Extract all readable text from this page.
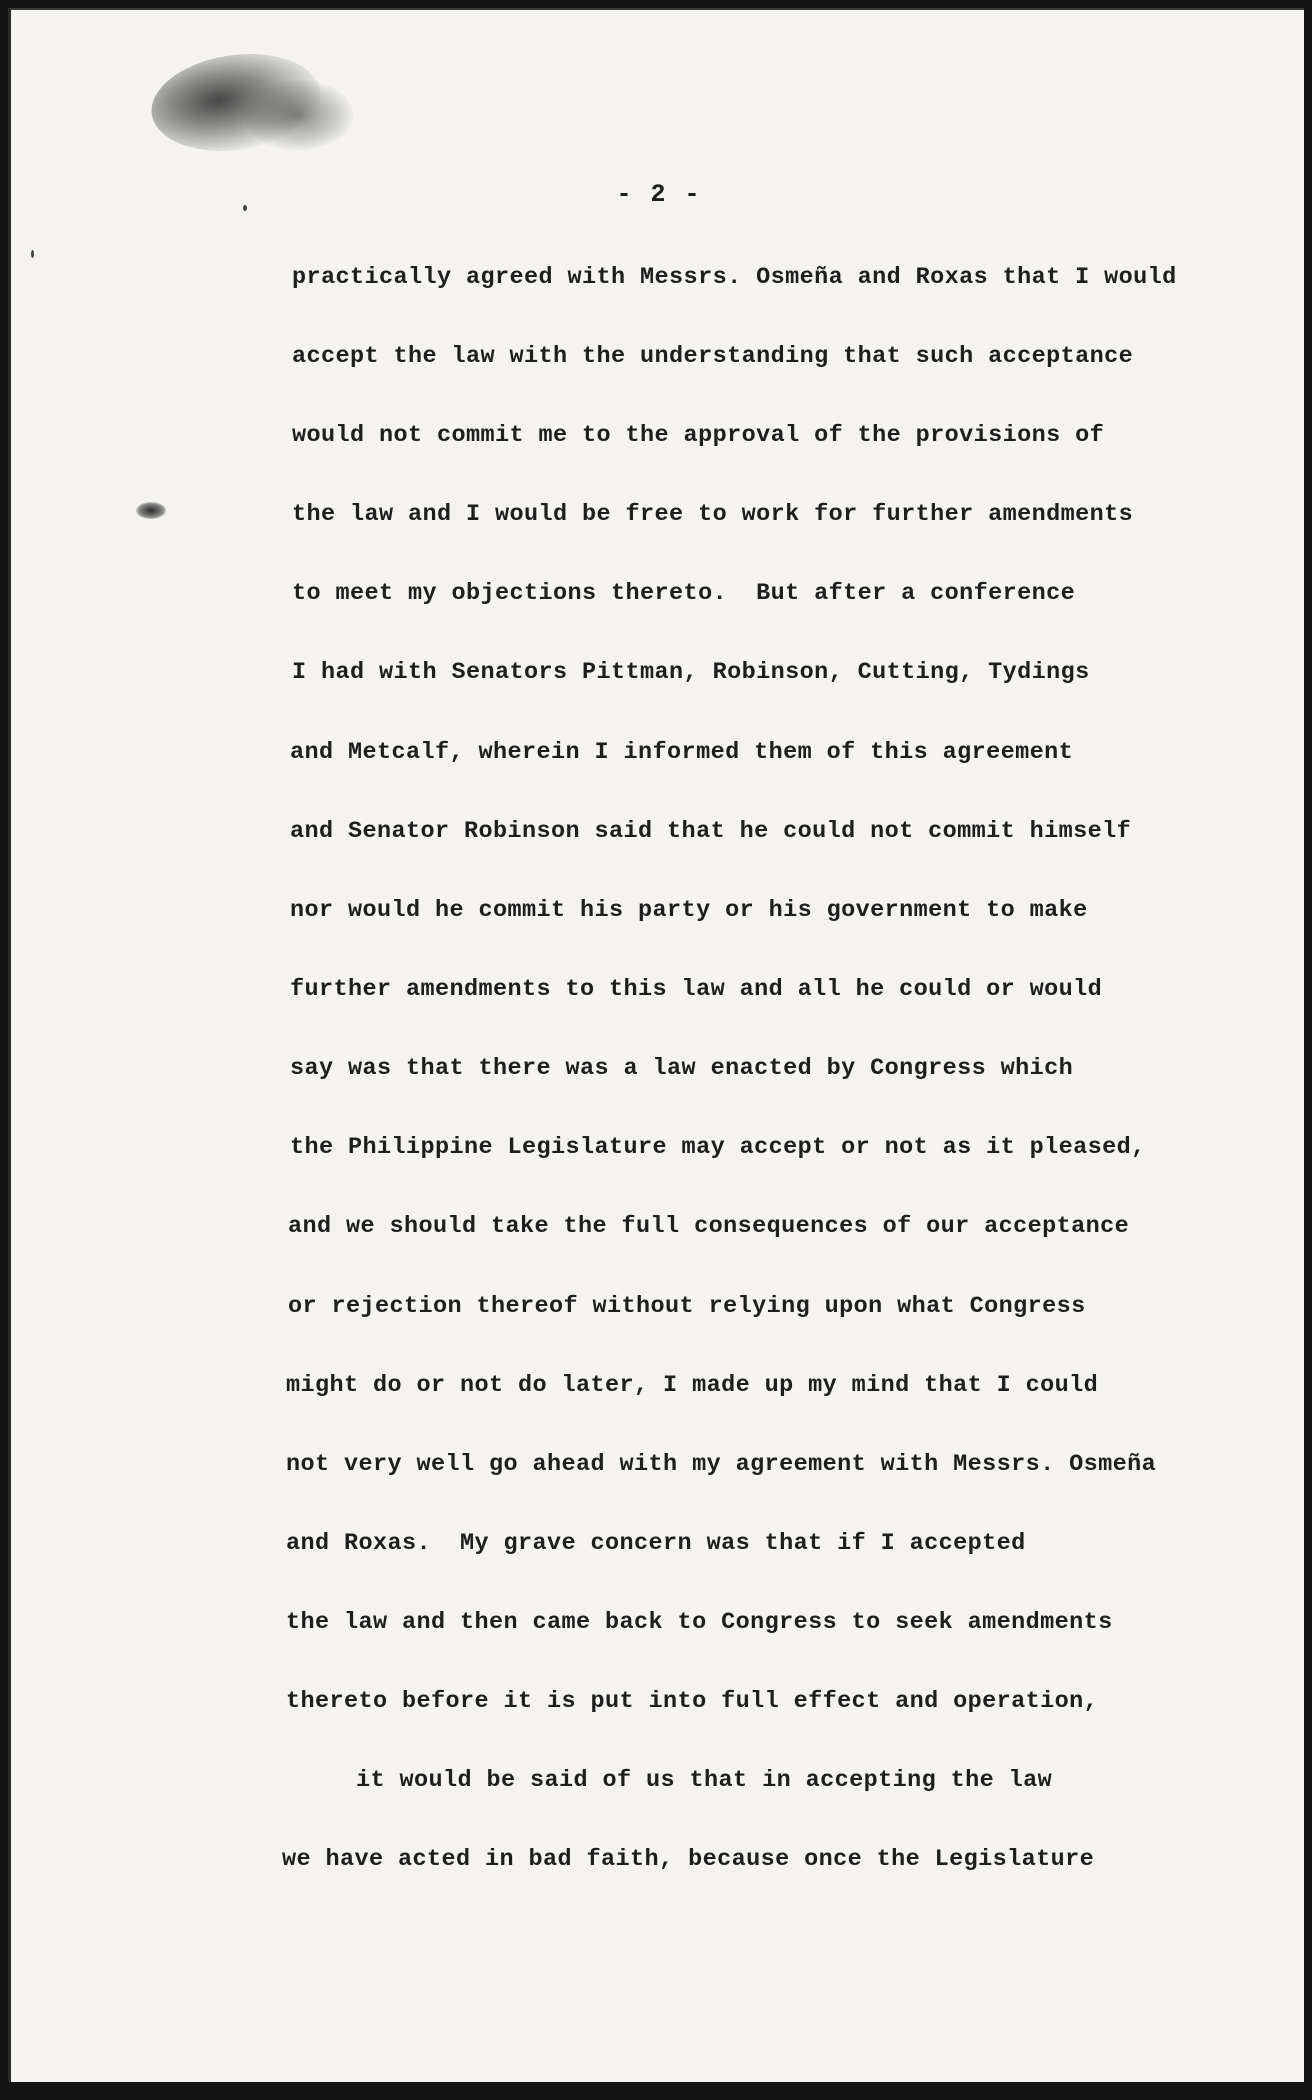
- 2 -
practically agreed with Messrs. Osmeña and Roxas that I would
accept the law with the understanding that such acceptance
would not commit me to the approval of the provisions of
the law and I would be free to work for further amendments
to meet my objections thereto.  But after a conference
I had with Senators Pittman, Robinson, Cutting, Tydings
and Metcalf, wherein I informed them of this agreement
and Senator Robinson said that he could not commit himself
nor would he commit his party or his government to make
further amendments to this law and all he could or would
say was that there was a law enacted by Congress which
the Philippine Legislature may accept or not as it pleased,
and we should take the full consequences of our acceptance
or rejection thereof without relying upon what Congress
might do or not do later, I made up my mind that I could
not very well go ahead with my agreement with Messrs. Osmeña
and Roxas.  My grave concern was that if I accepted
the law and then came back to Congress to seek amendments
thereto before it is put into full effect and operation,
it would be said of us that in accepting the law
we have acted in bad faith, because once the Legislature
